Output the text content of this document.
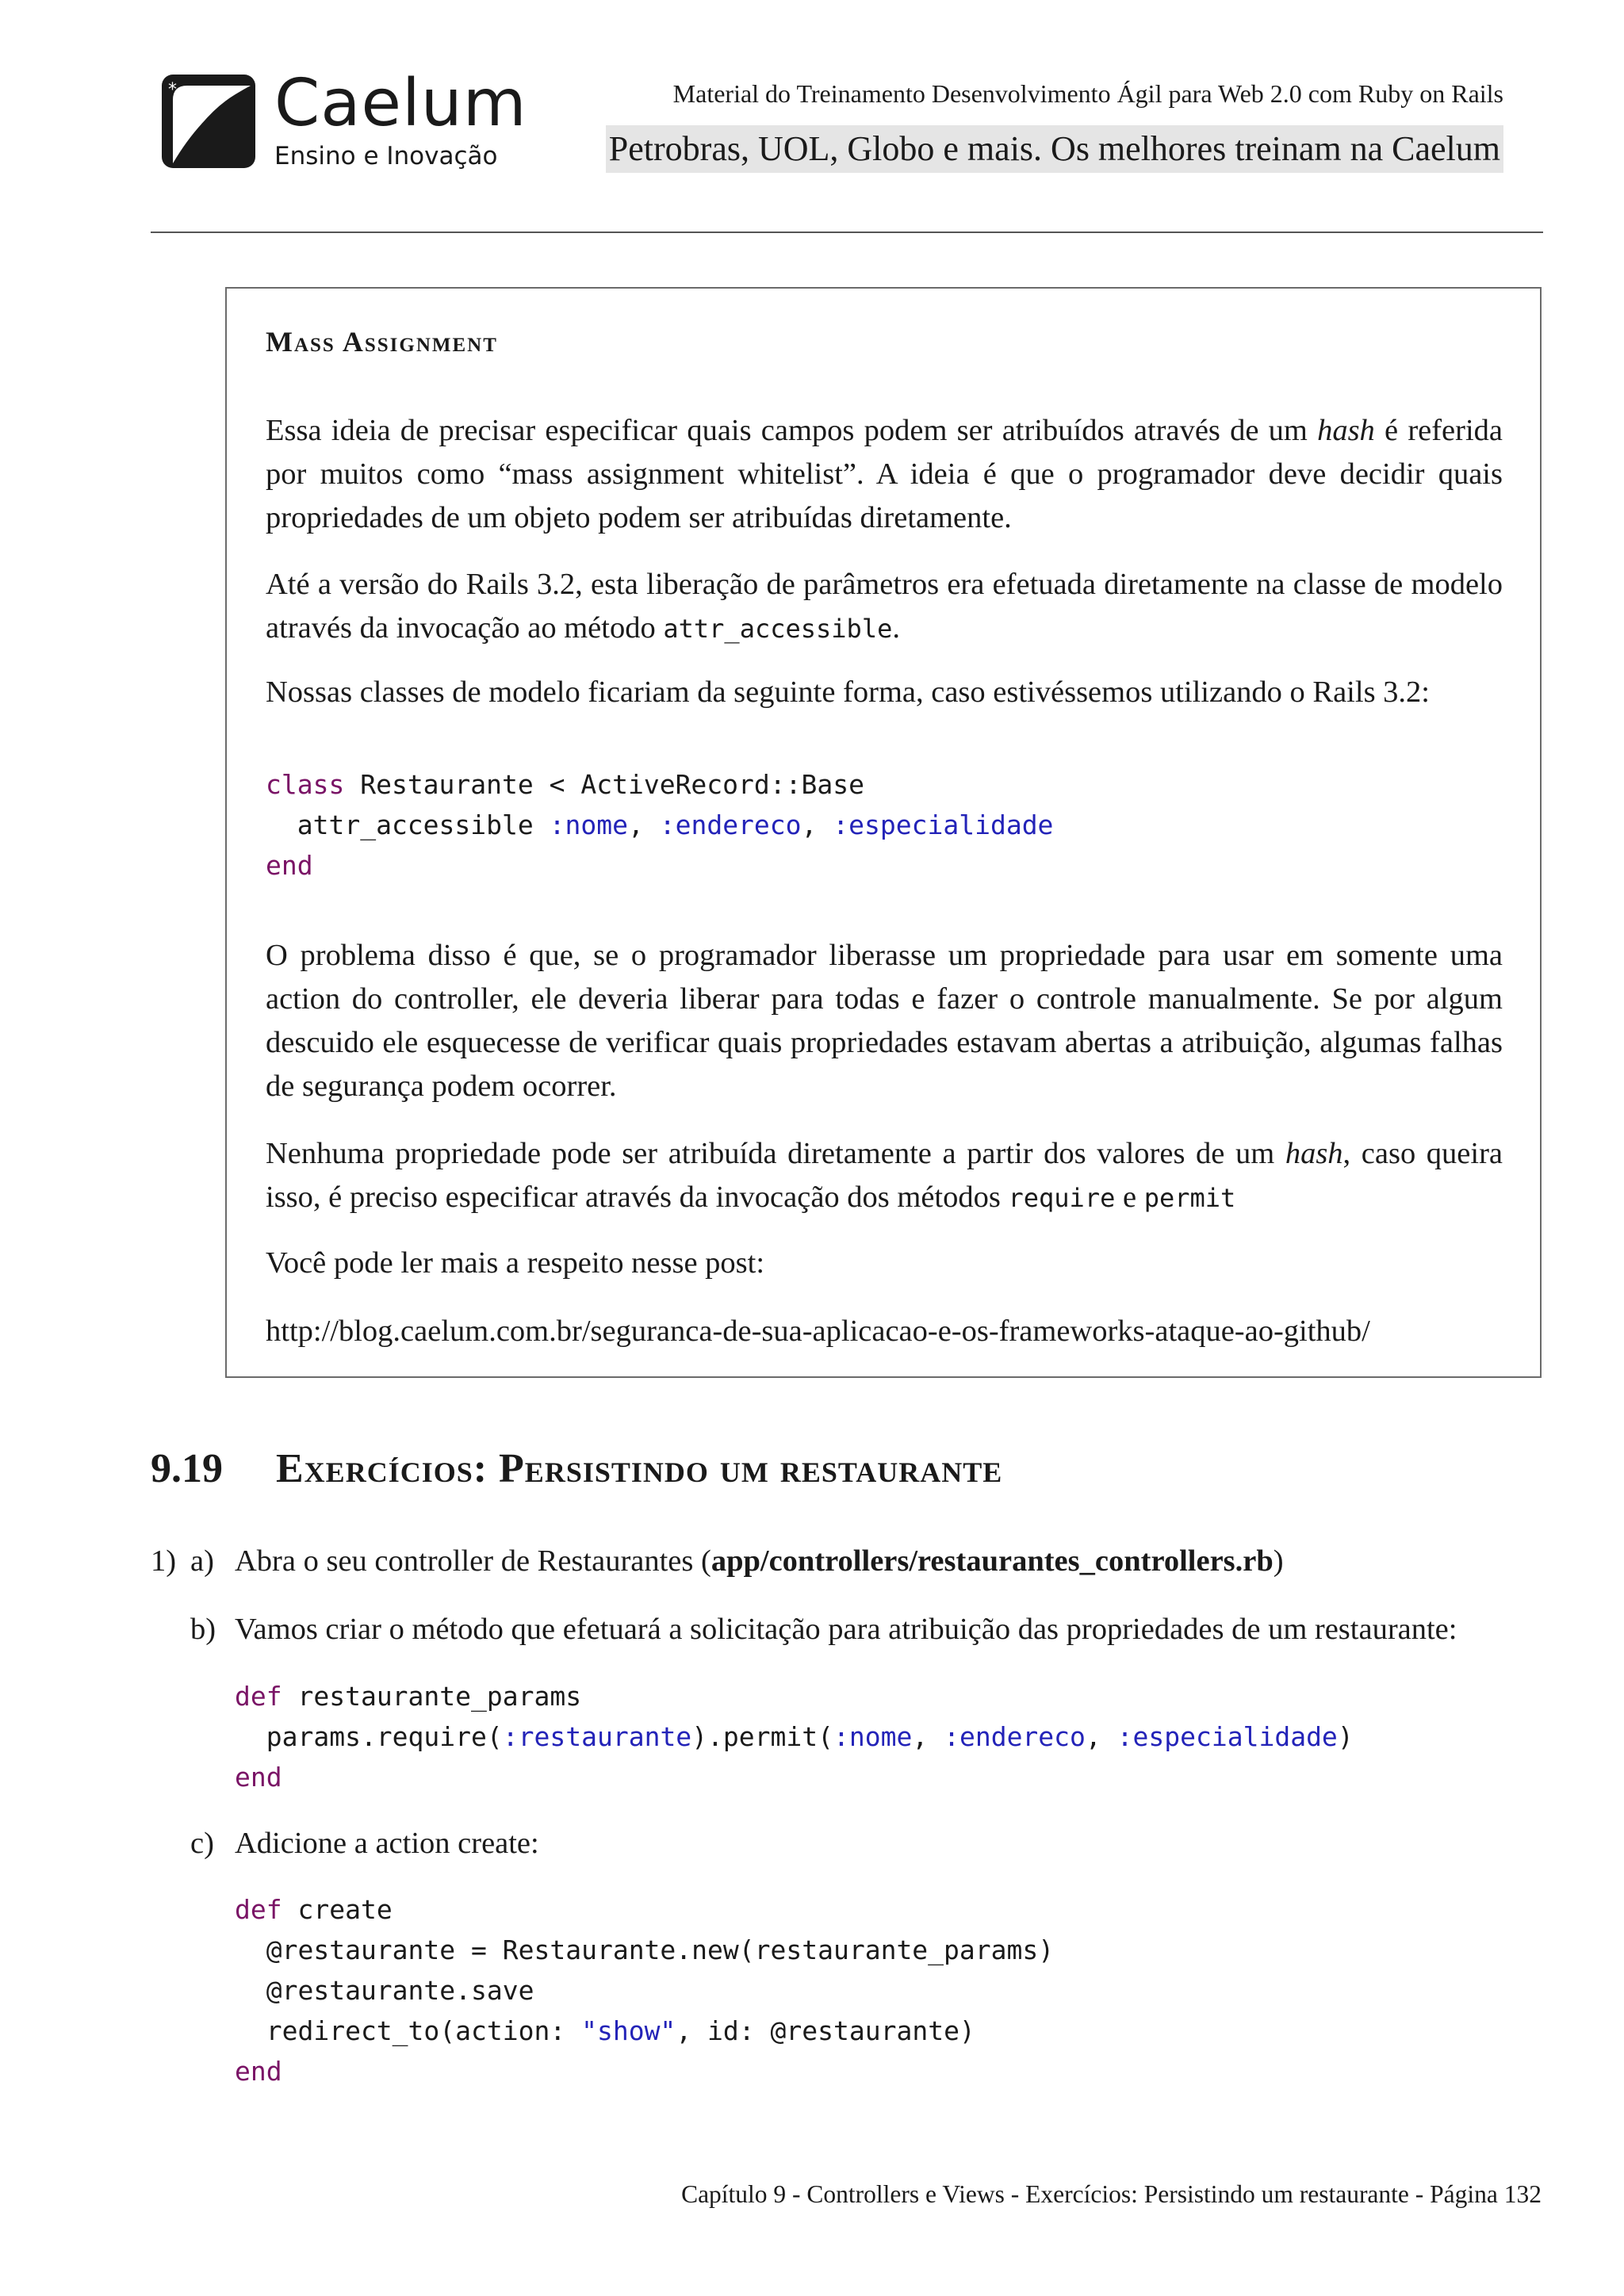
* Caelum
Ensino e Inovação
Material do Treinamento Desenvolvimento Ágil para Web 2.0 com Ruby on Rails
Petrobras, UOL, Globo e mais. Os melhores treinam na Caelum
Mass Assignment
Essa ideia de precisar especificar quais campos podem ser atribuídos através de um hash é referida por muitos como “mass assignment whitelist”. A ideia é que o programador deve decidir quais propriedades de um objeto podem ser atribuídas diretamente.
Até a versão do Rails 3.2, esta liberação de parâmetros era efetuada diretamente na classe de modelo através da invocação ao método attr_accessible.
Nossas classes de modelo ficariam da seguinte forma, caso estivéssemos utilizando o Rails 3.2:
class Restaurante < ActiveRecord::Base
attr_accessible :nome, :endereco, :especialidade
end
O problema disso é que, se o programador liberasse um propriedade para usar em somente uma action do controller, ele deveria liberar para todas e fazer o controle manualmente. Se por algum descuido ele esquecesse de verificar quais propriedades estavam abertas a atribuição, algumas falhas de segurança podem ocorrer.
Nenhuma propriedade pode ser atribuída diretamente a partir dos valores de um hash, caso queira isso, é preciso especificar através da invocação dos métodos require e permit
Você pode ler mais a respeito nesse post:
http://blog.caelum.com.br/seguranca-de-sua-aplicacao-e-os-frameworks-ataque-ao-github/
9.19 Exercícios: Persistindo um restaurante
1) a) Abra o seu controller de Restaurantes (app/controllers/restaurantes_controllers.rb)
b) Vamos criar o método que efetuará a solicitação para atribuição das propriedades de um restaurante:
def restaurante_params
params.require(:restaurante).permit(:nome, :endereco, :especialidade)
end
c) Adicione a action create:
def create
@restaurante = Restaurante.new(restaurante_params)
@restaurante.save
redirect_to(action: "show", id: @restaurante)
end
Capítulo 9 - Controllers e Views - Exercícios: Persistindo um restaurante - Página 132
